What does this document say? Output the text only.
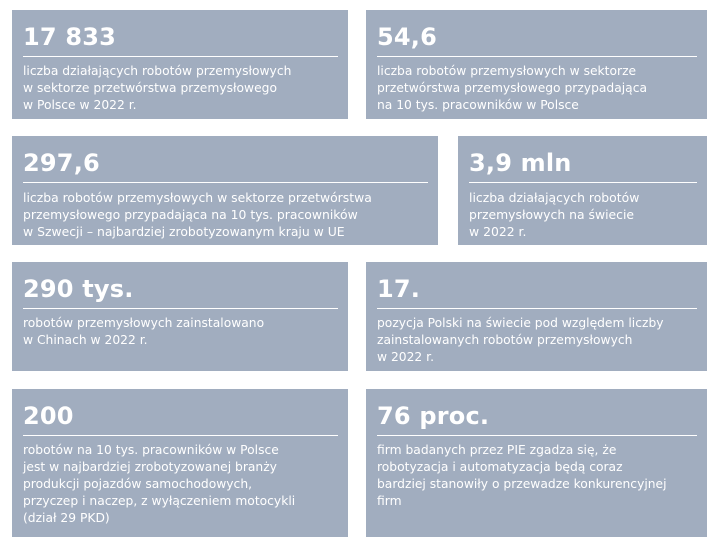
17 833
liczba działających robotów przemysłowych
w sektorze przetwórstwa przemysłowego
w Polsce w 2022 r.
54,6
liczba robotów przemysłowych w sektorze
przetwórstwa przemysłowego przypadająca
na 10 tys. pracowników w Polsce
297,6
liczba robotów przemysłowych w sektorze przetwórstwa
przemysłowego przypadająca na 10 tys. pracowników
w Szwecji – najbardziej zrobotyzowanym kraju w UE
3,9 mln
liczba działających robotów
przemysłowych na świecie
w 2022 r.
290 tys.
robotów przemysłowych zainstalowano
w Chinach w 2022 r.
17.
pozycja Polski na świecie pod względem liczby
zainstalowanych robotów przemysłowych
w 2022 r.
200
robotów na 10 tys. pracowników w Polsce
jest w najbardziej zrobotyzowanej branży
produkcji pojazdów samochodowych,
przyczep i naczep, z wyłączeniem motocykli
(dział 29 PKD)
76 proc.
firm badanych przez PIE zgadza się, że
robotyzacja i automatyzacja będą coraz
bardziej stanowiły o przewadze konkurencyjnej
firm
